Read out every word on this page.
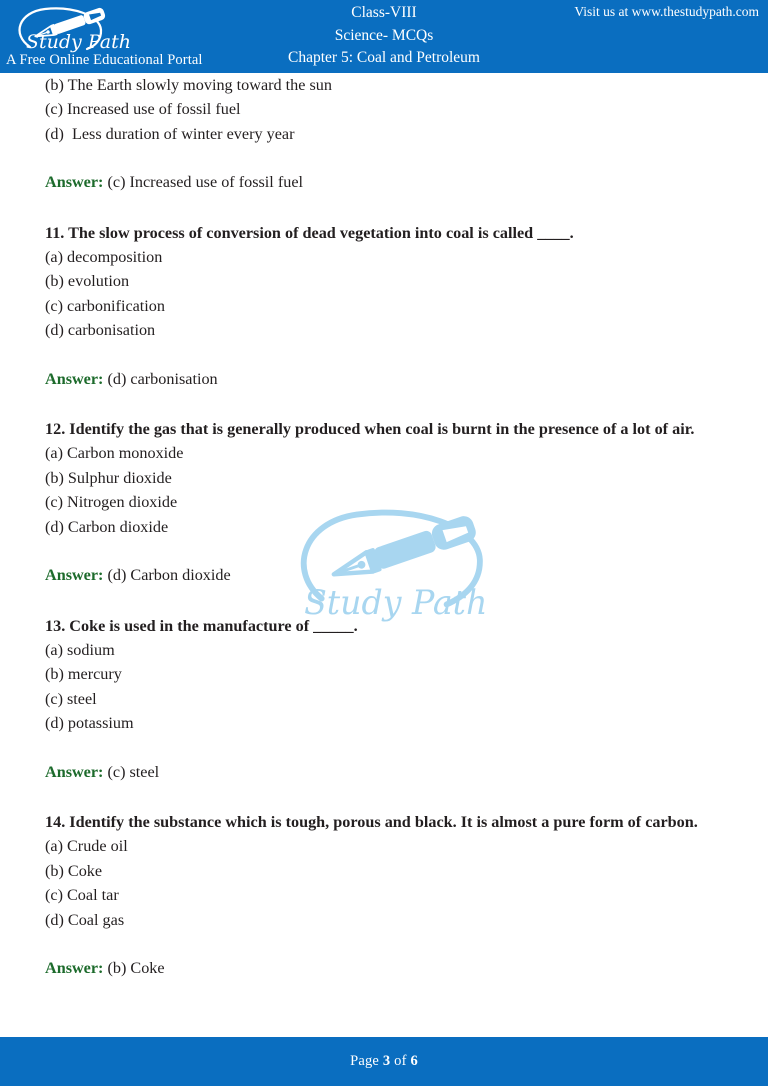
Study Path
A Free Online Educational Portal
Class-VIII
Science- MCQs
Chapter 5: Coal and Petroleum
Visit us at www.thestudypath.com
Study Path

(b) The Earth slowly moving toward the sun

(c) Increased use of fossil fuel

(d)  Less duration of winter every year

Answer: (c) Increased use of fossil fuel

11. The slow process of conversion of dead vegetation into coal is called ____.

(a) decomposition

(b) evolution

(c) carbonification

(d) carbonisation

Answer: (d) carbonisation

12. Identify the gas that is generally produced when coal is burnt in the presence of a lot of air.

(a) Carbon monoxide

(b) Sulphur dioxide

(c) Nitrogen dioxide

(d) Carbon dioxide

Answer: (d) Carbon dioxide

13. Coke is used in the manufacture of _____.

(a) sodium

(b) mercury

(c) steel

(d) potassium

Answer: (c) steel

14. Identify the substance which is tough, porous and black. It is almost a pure form of carbon.

(a) Crude oil

(b) Coke

(c) Coal tar

(d) Coal gas

Answer: (b) Coke

Page 3 of 6
